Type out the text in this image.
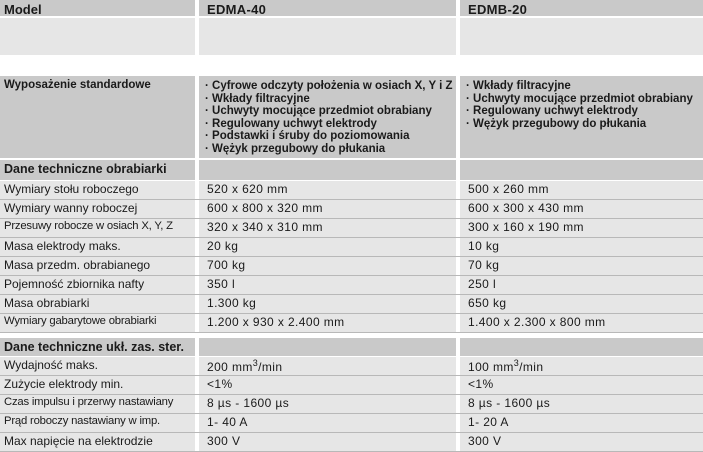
Model	EDMA-40	EDMB-20
Wyposażenie standardowe
·	Cyfrowe odczyty położenia w osiach X, Y i Z
· Wkłady filtracyjne
· Uchwyty mocujące przedmiot obrabiany
· Regulowany uchwyt elektrody
· Podstawki i śruby do poziomowania
· Wężyk przegubowy do płukania
· Wkłady filtracyjne
· Uchwyty mocujące przedmiot obrabiany
· Regulowany uchwyt elektrody
· Wężyk przegubowy do płukania
Dane techniczne obrabiarki
Wymiary stołu roboczego	520 x 620 mm	500 x 260 mm
Wymiary wanny roboczej	600 x 800 x 320 mm	600 x 300 x 430 mm
Przesuwy robocze w osiach X, Y, Z	320 x 340 x 310 mm	300 x 160 x 190 mm
Masa elektrody maks.	20 kg	10 kg
Masa przedm. obrabianego	700 kg	70 kg
Pojemność zbiornika nafty	350 l	250 l
Masa obrabiarki	1.300 kg	650 kg
Wymiary gabarytowe obrabiarki	1.200 x 930 x 2.400 mm	1.400 x 2.300 x 800 mm
Dane techniczne ukł. zas. ster.
Wydajność maks.	200 $mm^3/\min$	100 $mm^3/\min$
Zużycie elektrody min.	<1%	<1%
Czas impulsu i przerwy nastawiany	8 µs - 1600 µs	8 µs - 1600 µs
Prąd roboczy nastawiany w imp.	1- 40 A	1- 20 A
Max napięcie na elektrodzie	300 V	300 V
